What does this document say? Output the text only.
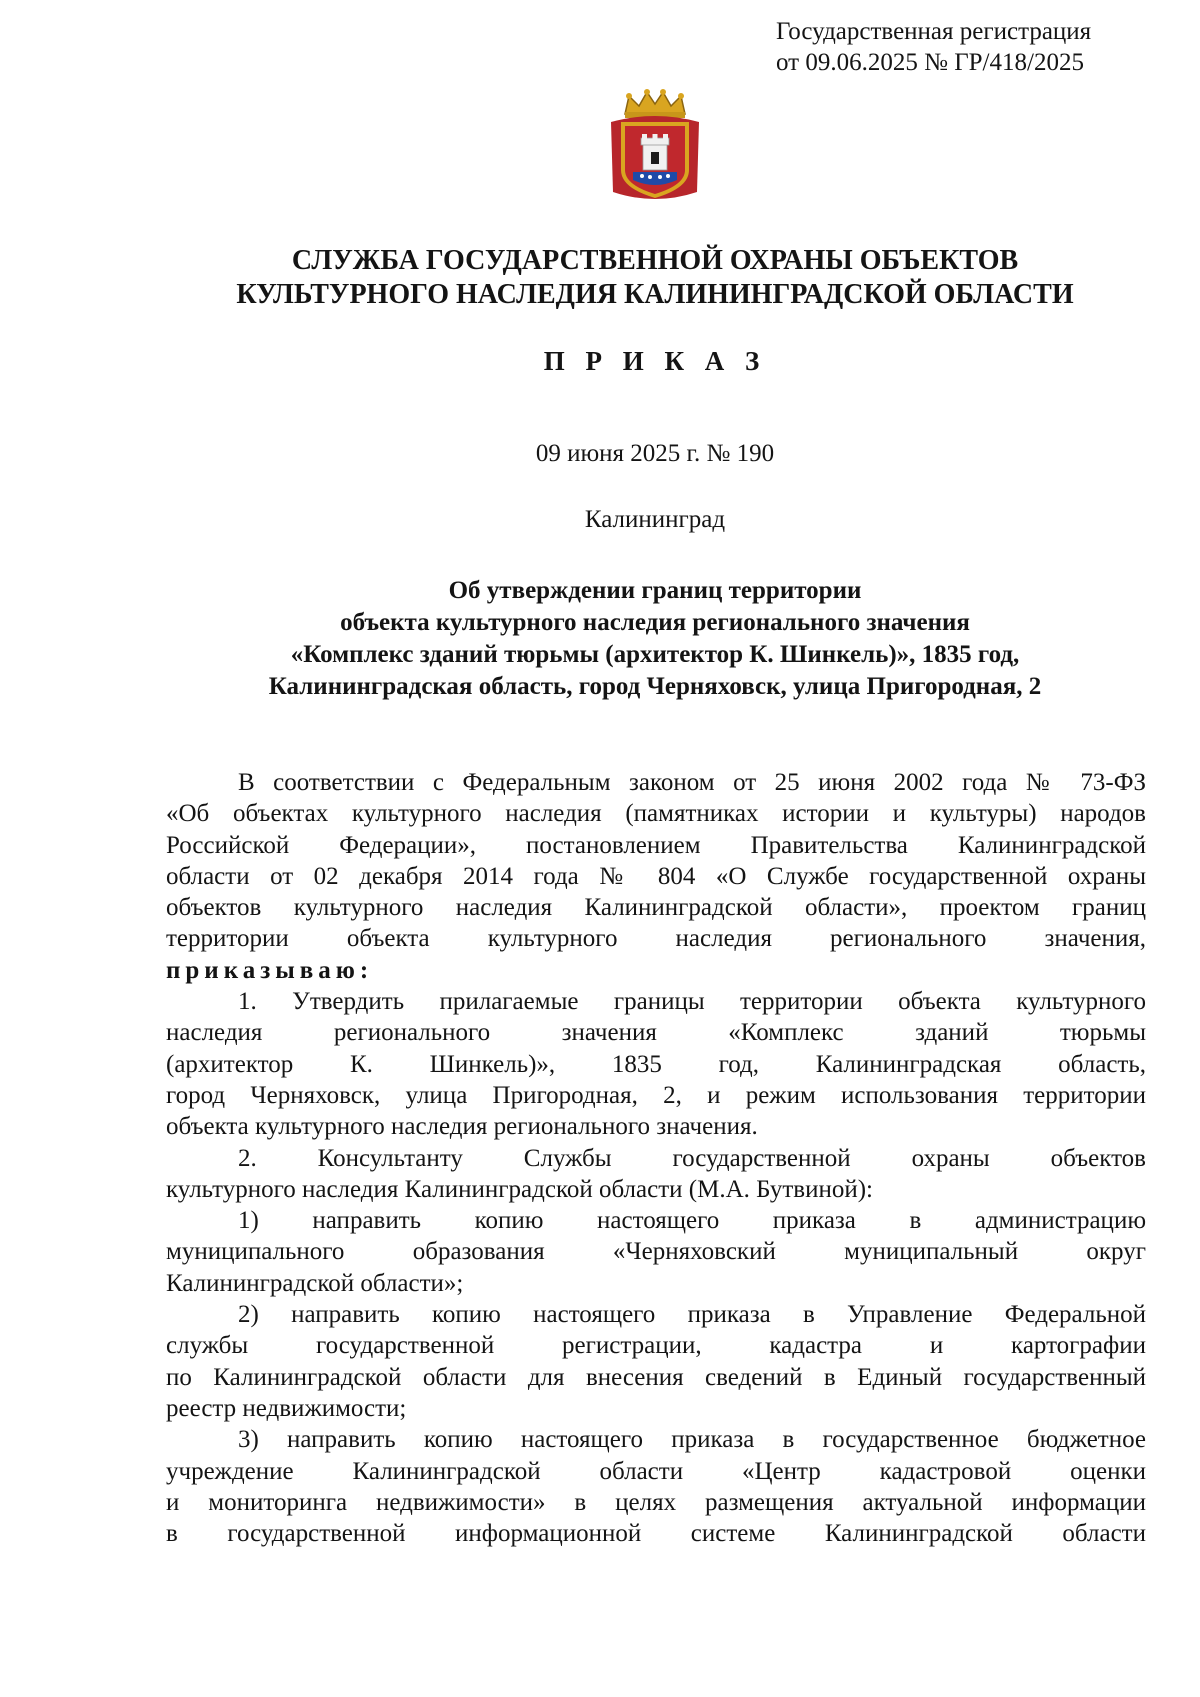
Государственная регистрация
от 09.06.2025 № ГР/418/2025
СЛУЖБА ГОСУДАРСТВЕННОЙ ОХРАНЫ ОБЪЕКТОВ
КУЛЬТУРНОГО НАСЛЕДИЯ КАЛИНИНГРАДСКОЙ ОБЛАСТИ
П Р И К А З
09 июня 2025 г. № 190
Калининград
Об утверждении границ территории
объекта культурного наследия регионального значения
«Комплекс зданий тюрьмы (архитектор К. Шинкель)», 1835 год,
Калининградская область, город Черняховск, улица Пригородная, 2
В соответствии с Федеральным законом от 25 июня 2002 года № 73-ФЗ
«Об объектах культурного наследия (памятниках истории и культуры) народов
Российской Федерации», постановлением Правительства Калининградской
области от 02 декабря 2014 года № 804 «О Службе государственной охраны
объектов культурного наследия Калининградской области», проектом границ
территории объекта культурного наследия регионального значения,
приказываю:
1. Утвердить прилагаемые границы территории объекта культурного
наследия регионального значения «Комплекс зданий тюрьмы
(архитектор К. Шинкель)», 1835 год, Калининградская область,
город Черняховск, улица Пригородная, 2, и режим использования территории
объекта культурного наследия регионального значения.
2. Консультанту Службы государственной охраны объектов
культурного наследия Калининградской области (М.А. Бутвиной):
1) направить копию настоящего приказа в администрацию
муниципального образования «Черняховский муниципальный округ
Калининградской области»;
2) направить копию настоящего приказа в Управление Федеральной
службы государственной регистрации, кадастра и картографии
по Калининградской области для внесения сведений в Единый государственный
реестр недвижимости;
3) направить копию настоящего приказа в государственное бюджетное
учреждение Калининградской области «Центр кадастровой оценки
и мониторинга недвижимости» в целях размещения актуальной информации
в государственной информационной системе Калининградской области
